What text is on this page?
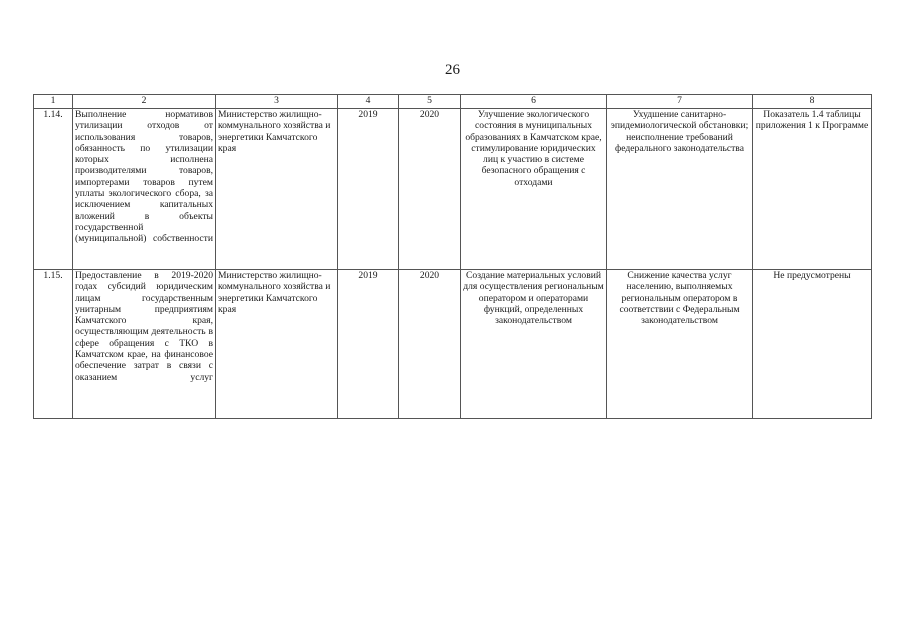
26
1	2	3	4	5	6	7	8
1.14.	Выполнение нормативов утилизации отходов от использования товаров, обязанность по утилизации которых исполнена производителями товаров, импортерами товаров путем уплаты экологического сбора, за исключением капитальных вложений в объекты государственной (муниципальной) собственности	Министерство жилищно-коммунального хозяйства и энергетики Камчатского края	2019	2020	Улучшение экологического состояния в муниципальных образованиях в Камчатском крае, стимулирование юридических лиц к участию в системе безопасного обращения с отходами	Ухудшение санитарно-эпидемиологической обстановки; неисполнение требований федерального законодательства	Показатель 1.4 таблицы приложения 1 к Программе
1.15.	Предоставление в 2019-2020 годах субсидий юридическим лицам государственным унитарным предприятиям Камчатского края, осуществляющим деятельность в сфере обращения с ТКО в Камчатском крае, на финансовое обеспечение затрат в связи с оказанием услуг	Министерство жилищно-коммунального хозяйства и энергетики Камчатского края	2019	2020	Создание материальных условий для осуществления региональным оператором и операторами функций, определенных законодательством	Снижение качества услуг населению, выполняемых региональным оператором в соответствии с Федеральным законодательством	Не предусмотрены
